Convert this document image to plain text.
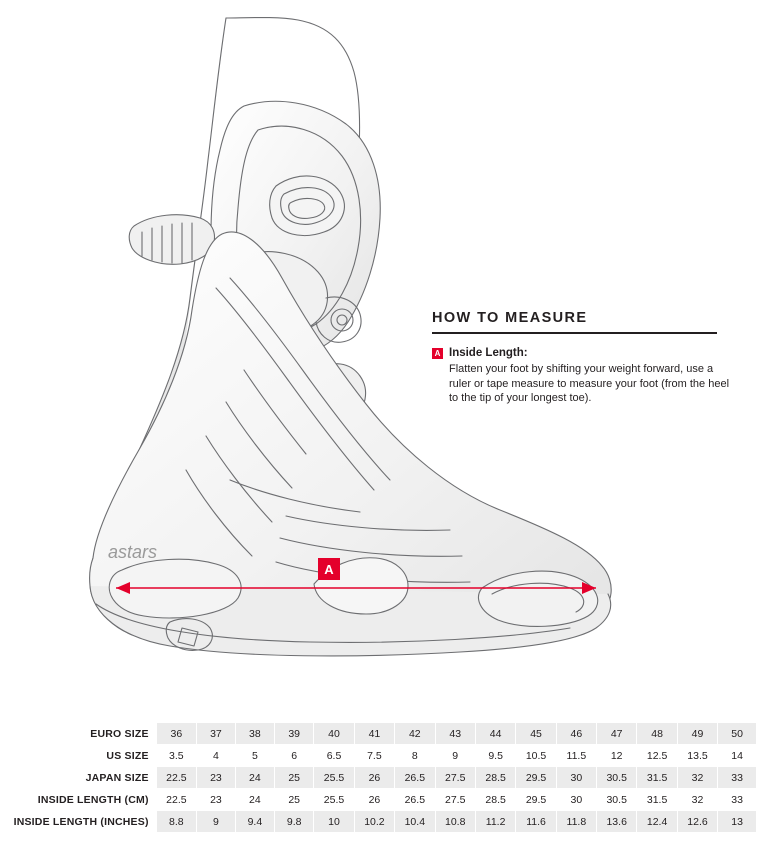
astars
A
HOW TO MEASURE
A Inside Length:

Flatten your foot by shifting your weight forward, use a ruler or tape measure to measure your foot (from the heel to the tip of your longest toe).

EURO SIZE	36	37	38	39	40	41	42	43	44	45	46	47	48	49	50
US SIZE	3.5	4	5	6	6.5	7.5	8	9	9.5	10.5	11.5	12	12.5	13.5	14
JAPAN SIZE	22.5	23	24	25	25.5	26	26.5	27.5	28.5	29.5	30	30.5	31.5	32	33
INSIDE LENGTH (CM)	22.5	23	24	25	25.5	26	26.5	27.5	28.5	29.5	30	30.5	31.5	32	33
INSIDE LENGTH (INCHES)	8.8	9	9.4	9.8	10	10.2	10.4	10.8	11.2	11.6	11.8	13.6	12.4	12.6	13
